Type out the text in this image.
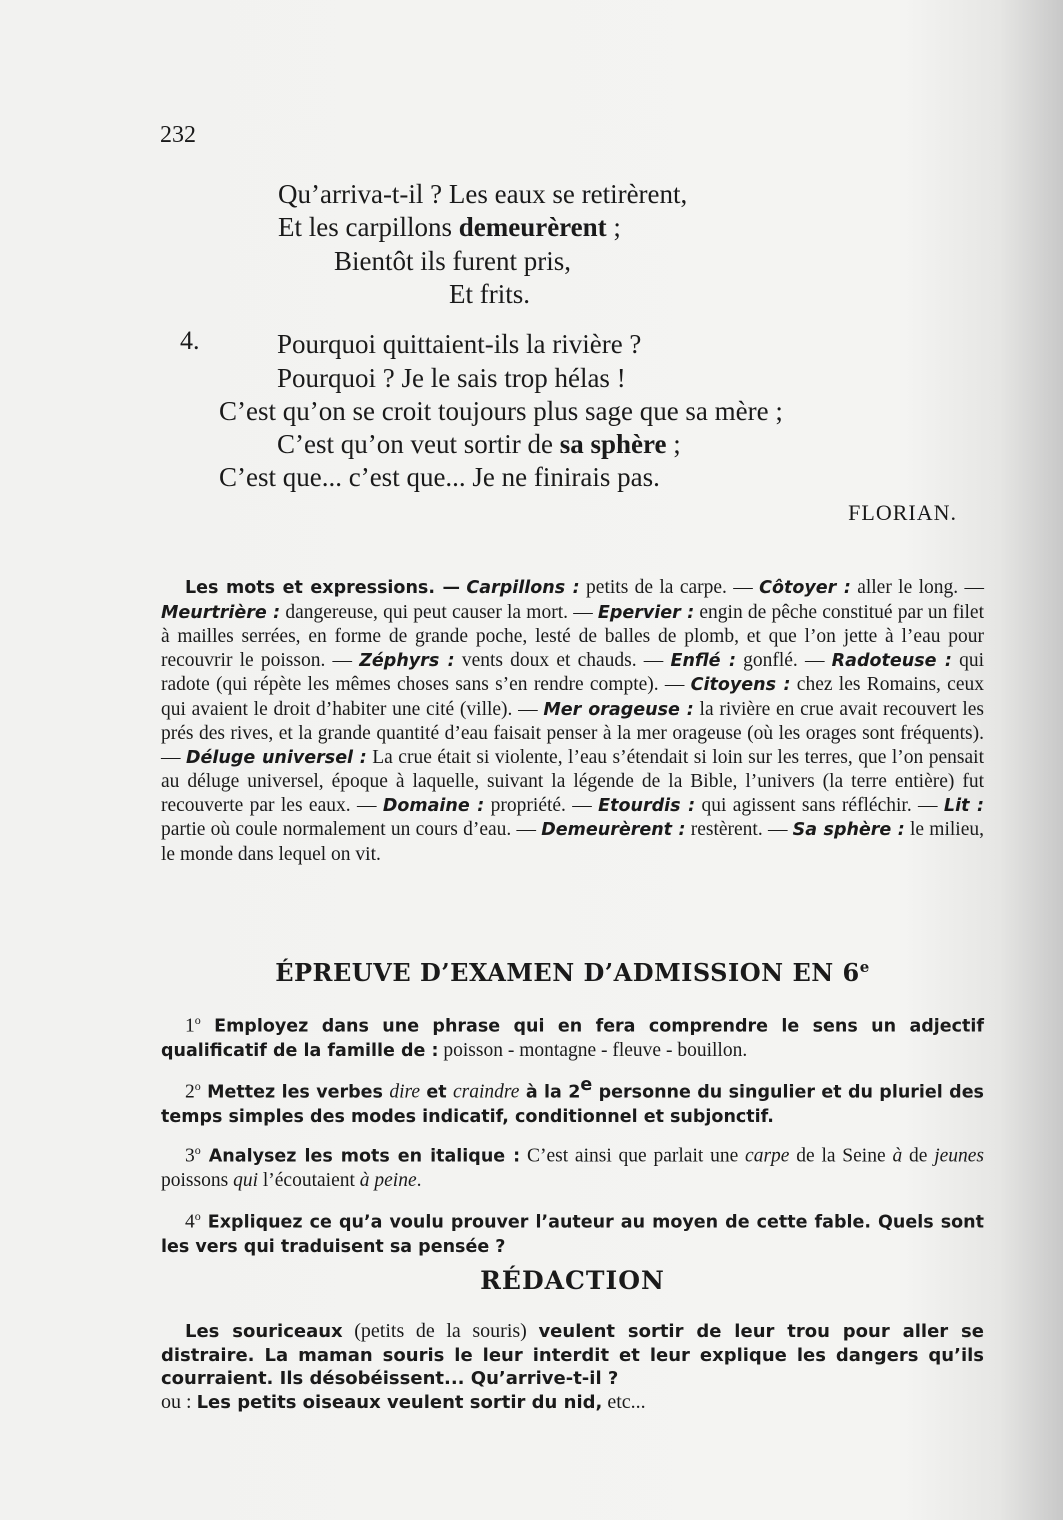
232
Qu’arriva-t-il ? Les eaux se retirèrent,
Et les carpillons demeurèrent ;
Bientôt ils furent pris,
Et frits.
4.	Pourquoi quittaient-ils la rivière ?
Pourquoi ? Je le sais trop hélas !
C’est qu’on se croit toujours plus sage que sa mère ;
C’est qu’on veut sortir de sa sphère ;
C’est que... c’est que... Je ne finirais pas.
FLORIAN.
Les mots et expressions. — Carpillons : petits de la carpe. — Côtoyer : aller le long. — Meurtrière : dangereuse, qui peut causer la mort. — Epervier : engin de pêche constitué par un filet à mailles serrées, en forme de grande poche, lesté de balles de plomb, et que l’on jette à l’eau pour recouvrir le poisson. — Zéphyrs : vents doux et chauds. — Enflé : gonflé. — Radoteuse : qui radote (qui répète les mêmes choses sans s’en rendre compte). — Citoyens : chez les Romains, ceux qui avaient le droit d’habiter une cité (ville). — Mer orageuse : la rivière en crue avait recouvert les prés des rives, et la grande quantité d’eau faisait penser à la mer orageuse (où les orages sont fréquents). — Déluge universel : La crue était si violente, l’eau s’étendait si loin sur les terres, que l’on pensait au déluge universel, époque à laquelle, suivant la légende de la Bible, l’univers (la terre entière) fut recouverte par les eaux. — Domaine : propriété. — Etourdis : qui agissent sans réfléchir. — Lit : partie où coule normalement un cours d’eau. — Demeurèrent : restèrent. — Sa sphère : le milieu, le monde dans lequel on vit.
ÉPREUVE D’EXAMEN D’ADMISSION EN 6e
1$^o$ Employez dans une phrase qui en fera comprendre le sens un adjectif qualificatif de la famille de : poisson - montagne - fleuve - bouillon.
2$^o$ Mettez les verbes dire et craindre à la 2e personne du singulier et du pluriel des temps simples des modes indicatif, conditionnel et subjonctif.
3$^o$ Analysez les mots en italique : C’est ainsi que parlait une carpe de la Seine à de jeunes poissons qui l’écoutaient à peine.
4$^o$ Expliquez ce qu’a voulu prouver l’auteur au moyen de cette fable. Quels sont les vers qui traduisent sa pensée ?
RÉDACTION
Les souriceaux (petits de la souris) veulent sortir de leur trou pour aller se distraire. La maman souris le leur interdit et leur explique les dangers qu’ils courraient. Ils désobéissent... Qu’arrive-t-il ?
ou : Les petits oiseaux veulent sortir du nid, etc...
